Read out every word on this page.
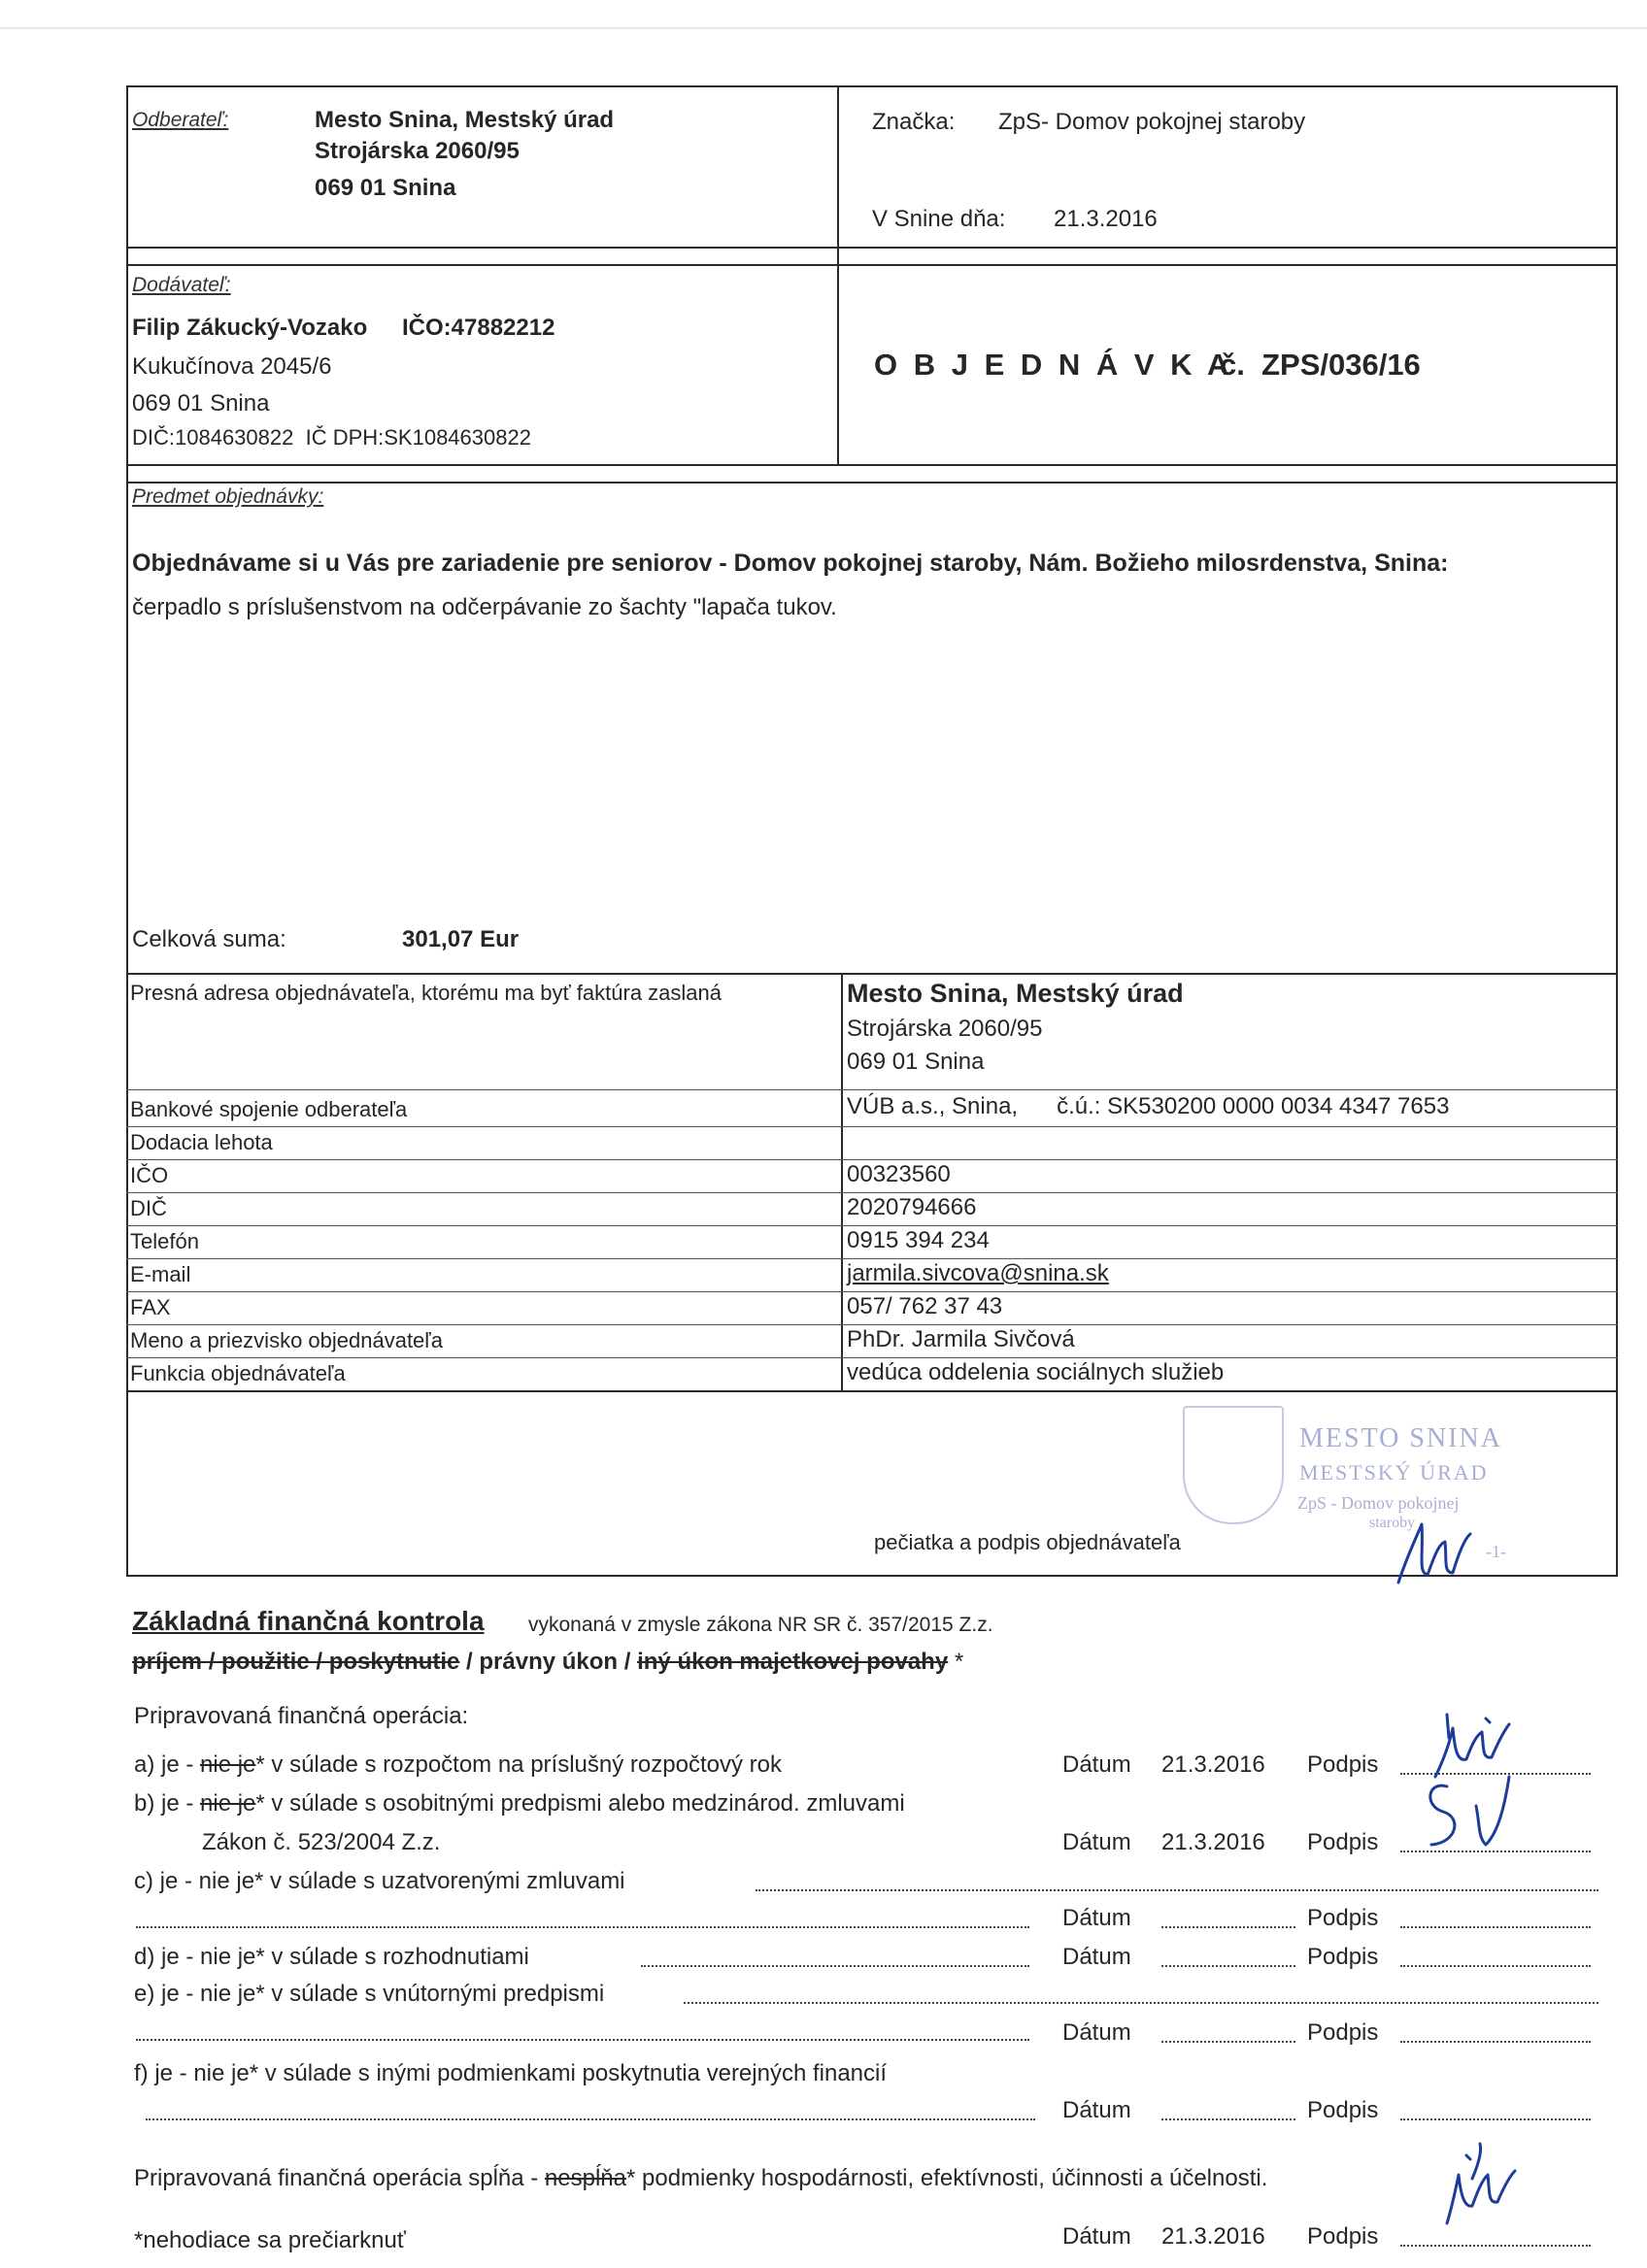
Odberateľ:	Mesto Snina, Mestský úrad
Strojárska 2060/95
069 01 Snina
Značka: ZpS- Domov pokojnej staroby
V Snine dňa: 21.3.2016
Dodávateľ:
Filip Zákucký-Vozako IČO:47882212
Kukučínova 2045/6
069 01 Snina
DIČ:1084630822  IČ DPH:SK1084630822
O B J E D N Á V K A
č.  ZPS/036/16
Predmet objednávky:
Objednávame si u Vás pre zariadenie pre seniorov - Domov pokojnej staroby, Nám. Božieho milosrdenstva, Snina:
čerpadlo s príslušenstvom na odčerpávanie zo šachty "lapača tukov.
Celková suma:	301,07 Eur
Presná adresa objednávateľa, ktorému ma byť faktúra zaslaná	Mesto Snina, Mestský úrad
Strojárska 2060/95
069 01 Snina
Bankové spojenie odberateľa	VÚB a.s., Snina,      č.ú.: SK530200 0000 0034 4347 7653
Dodacia lehota
IČO	00323560
DIČ	2020794666
Telefón	0915 394 234
E-mail	jarmila.sivcova@snina.sk
FAX	057/ 762 37 43
Meno a priezvisko objednávateľa	PhDr. Jarmila Sivčová
Funkcia objednávateľa	vedúca oddelenia sociálnych služieb
MESTO SNINA
MESTSKÝ ÚRAD
ZpS - Domov pokojnej
staroby
-1-
pečiatka a podpis objednávateľa
Základná finančná kontrola vykonaná v zmysle zákona NR SR č. 357/2015 Z.z.
príjem / použitie / poskytnutie / právny úkon / iný úkon majetkovej povahy *
Pripravovaná finančná operácia:
a) je - nie je* v súlade s rozpočtom na príslušný rozpočtový rok	Dátum 21.3.2016 Podpis
b) je - nie je* v súlade s osobitnými predpismi alebo medzinárod. zmluvami
Zákon č. 523/2004 Z.z.	Dátum 21.3.2016 Podpis
c) je - nie je* v súlade s uzatvorenými zmluvami
Dátum	Podpis
d) je - nie je* v súlade s rozhodnutiami	Dátum	Podpis
e) je - nie je* v súlade s vnútornými predpismi
Dátum	Podpis
f) je - nie je* v súlade s inými podmienkami poskytnutia verejných financií
Dátum	Podpis
Pripravovaná finančná operácia spĺňa - nespĺňa* podmienky hospodárnosti, efektívnosti, účinnosti a účelnosti.
*nehodiace sa prečiarknuť	Dátum 21.3.2016 Podpis
